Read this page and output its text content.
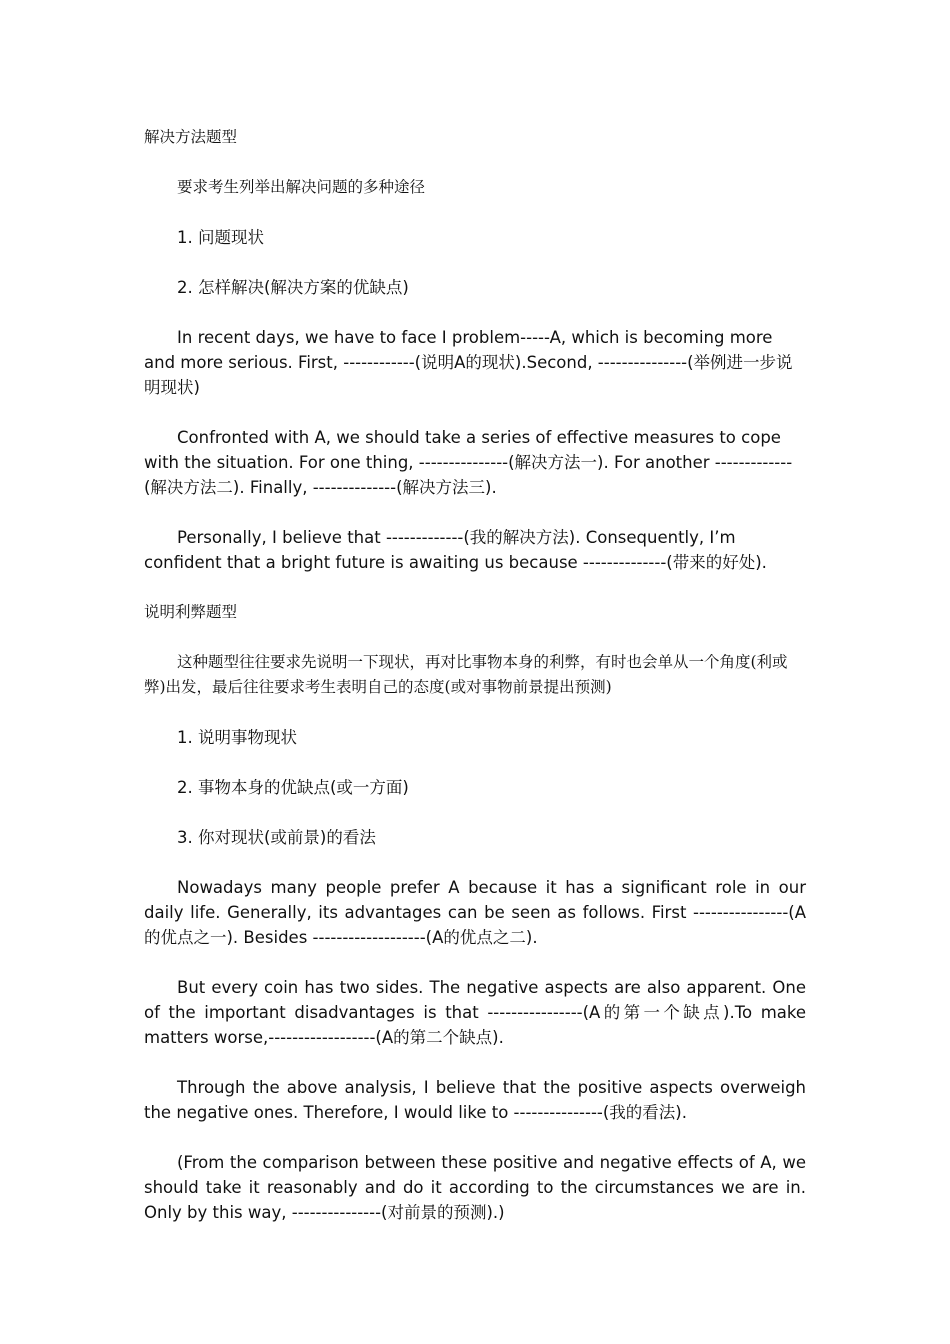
解决方法题型

要求考生列举出解决问题的多种途径

1. 问题现状

2. 怎样解决(解决方案的优缺点)

In recent days, we have to face I problem-----A, which is becoming more and more serious. First, ------------(说明A的现状).Second, ---------------(举例进一步说明现状)

Confronted with A, we should take a series of effective measures to cope with the situation. For one thing, ---------------(解决方法一). For another -------------(解决方法二). Finally, --------------(解决方法三).

Personally, I believe that -------------(我的解决方法). Consequently, I’m confident that a bright future is awaiting us because --------------(带来的好处).

说明利弊题型

这种题型往往要求先说明一下现状，再对比事物本身的利弊，有时也会单从一个角度(利或弊)出发，最后往往要求考生表明自己的态度(或对事物前景提出预测)

1. 说明事物现状

2. 事物本身的优缺点(或一方面)

3. 你对现状(或前景)的看法

Nowadays many people prefer A because it has a significant role in our daily life. Generally, its advantages can be seen as follows. First ----------------(A的优点之一). Besides -------------------(A的优点之二).

But every coin has two sides. The negative aspects are also apparent. One of the important disadvantages is that ----------------(A的第一个缺点).To make matters worse,------------------(A的第二个缺点).

Through the above analysis, I believe that the positive aspects overweigh the negative ones. Therefore, I would like to ---------------(我的看法).

(From the comparison between these positive and negative effects of A, we should take it reasonably and do it according to the circumstances we are in. Only by this way, ---------------(对前景的预测).)
